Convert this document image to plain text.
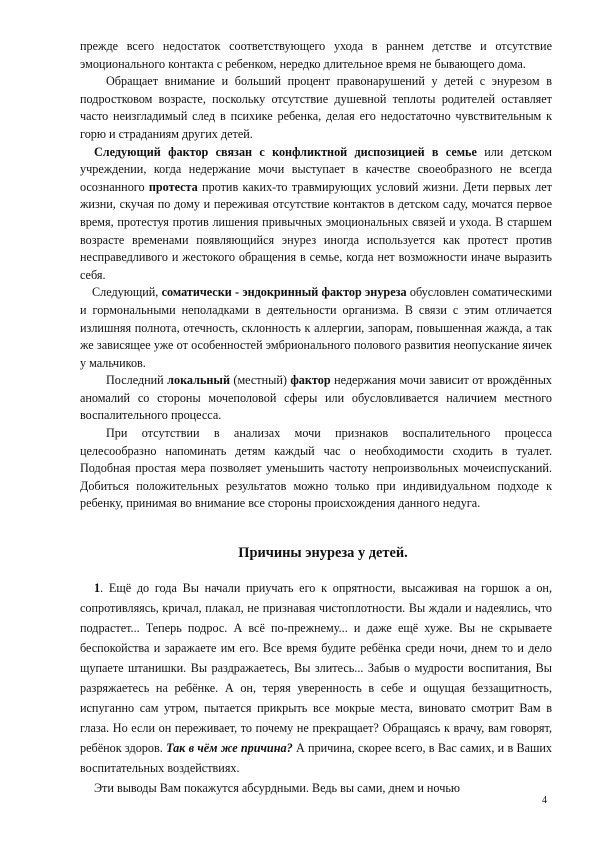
прежде всего недостаток соответствующего ухода в раннем детстве и отсутствие эмоционального контакта с ребенком, нередко длительное время не бывающего дома.

Обращает внимание и больший процент правонарушений у детей с энурезом в подростковом возрасте, поскольку отсутствие душевной теплоты родителей оставляет часто неизгладимый след в психике ребенка, делая его недостаточно чувствительным к горю и страданиям других детей.

Следующий фактор связан с конфликтной диспозицией в семье или детском учреждении, когда недержание мочи выступает в качестве своеобразного не всегда осознанного протеста против каких-то травмирующих условий жизни. Дети первых лет жизни, скучая по дому и переживая отсутствие контактов в детском саду, мочатся первое время, протестуя против лишения привычных эмоциональных связей и ухода. В старшем возрасте временами появляющийся энурез иногда используется как протест против несправедливого и жестокого обращения в семье, когда нет возможности иначе выразить себя.

Следующий, соматически - эндокринный фактор энуреза обусловлен соматическими и гормональными неполадками в деятельности организма. В связи с этим отличается излишняя полнота, отечность, склонность к аллергии, запорам, повышенная жажда, а так же зависящее уже от особенностей эмбрионального полового развития неопускание яичек у мальчиков.

Последний локальный (местный) фактор недержания мочи зависит от врождённых аномалий со стороны мочеполовой сферы или обусловливается наличием местного воспалительного процесса.

При отсутствии в анализах мочи признаков воспалительного процесса целесообразно напоминать детям каждый час о необходимости сходить в туалет. Подобная простая мера позволяет уменьшить частоту непроизвольных мочеиспусканий. Добиться положительных результатов можно только при индивидуальном подходе к ребенку, принимая во внимание все стороны происхождения данного недуга.

Причины энуреза у детей.

1. Ещё до года Вы начали приучать его к опрятности, высаживая на горшок а он, сопротивляясь, кричал, плакал, не признавая чистоплотности. Вы ждали и надеялись, что подрастет... Теперь подрос. А всё по-прежнему... и даже ещё хуже. Вы не скрываете беспокойства и заражаете им его. Все время будите ребёнка среди ночи, днем то и дело щупаете штанишки. Вы раздражаетесь, Вы злитесь... Забыв о мудрости воспитания, Вы разряжаетесь на ребёнке. А он, теряя уверенность в себе и ощущая беззащитность, испуганно сам утром, пытается прикрыть все мокрые места, виновато смотрит Вам в глаза. Но если он переживает, то почему не прекращает? Обращаясь к врачу, вам говорят, ребёнок здоров. Так в чём же причина? А причина, скорее всего, в Вас самих, и в Ваших воспитательных воздействиях.

Эти выводы Вам покажутся абсурдными. Ведь вы сами, днем и ночью

4
